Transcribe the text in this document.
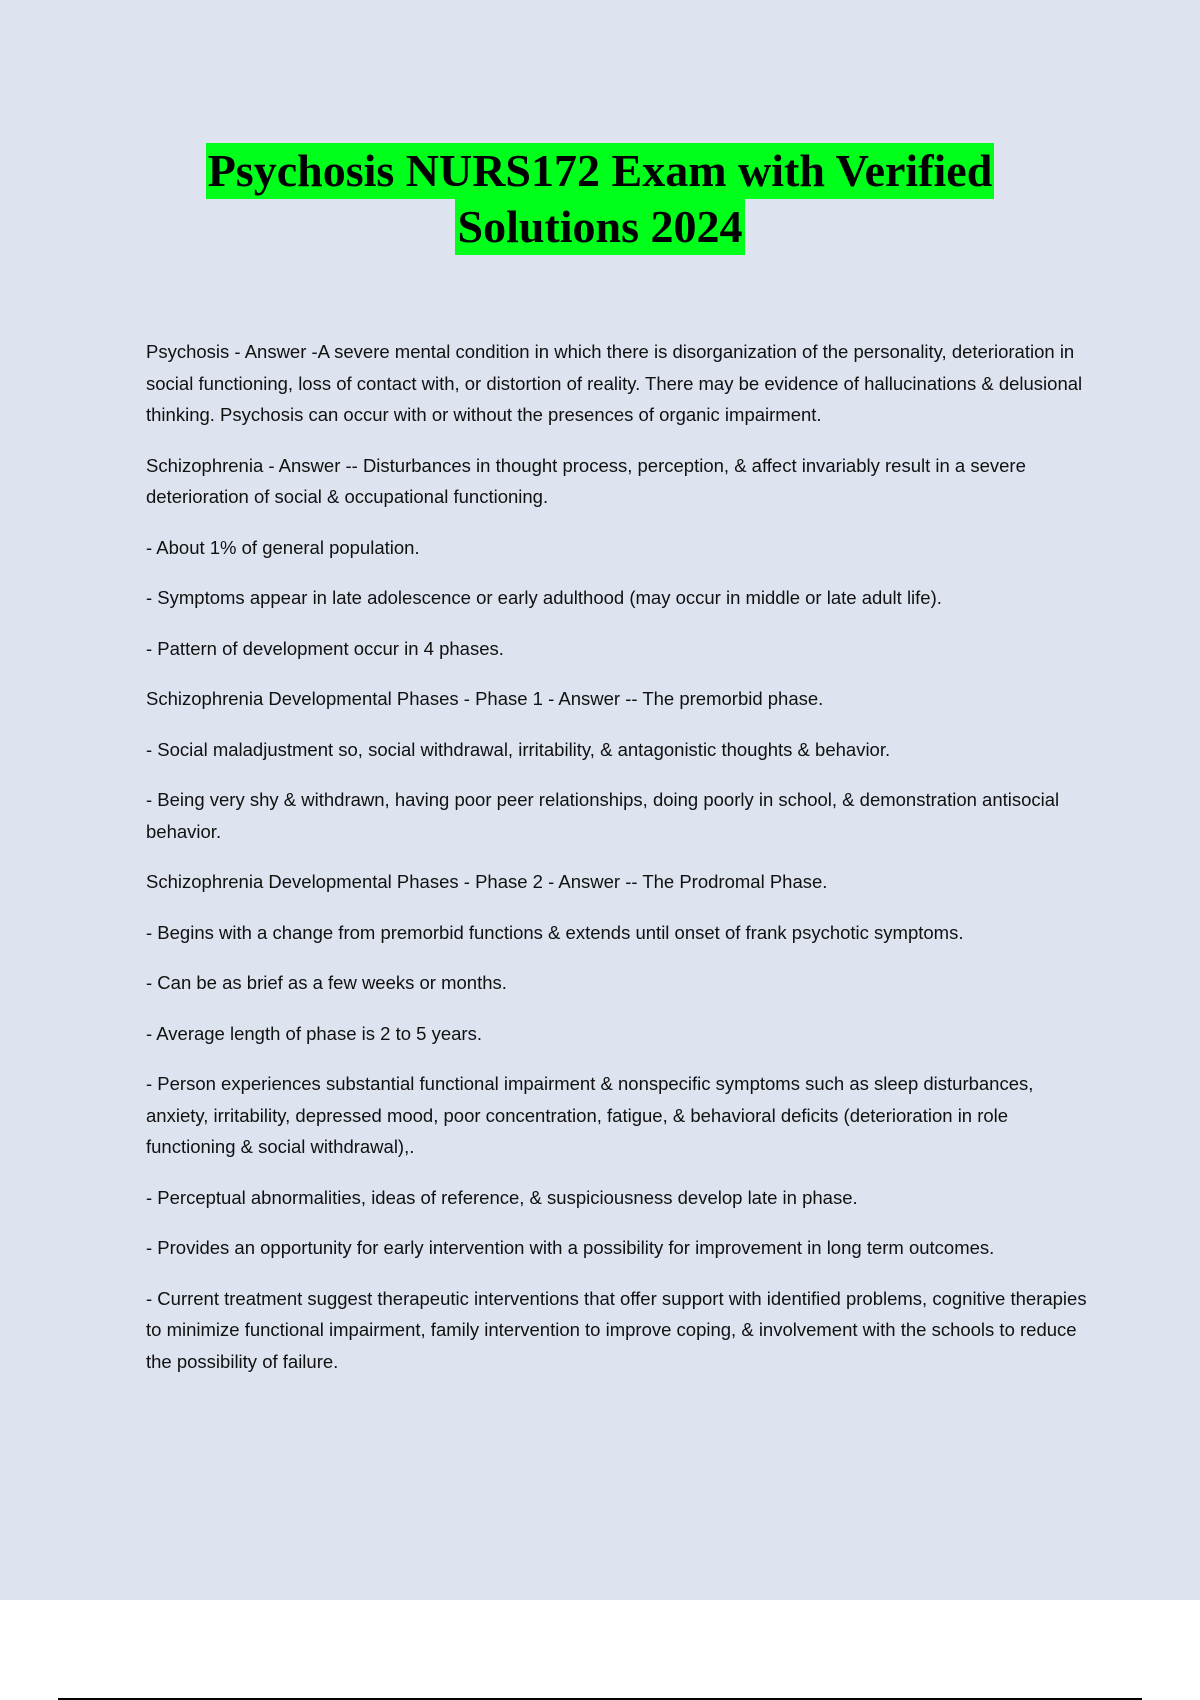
Psychosis NURS172 Exam with Verified
Solutions 2024

Psychosis - Answer -A severe mental condition in which there is disorganization of the personality, deterioration in social functioning, loss of contact with, or distortion of reality. There may be evidence of hallucinations & delusional thinking. Psychosis can occur with or without the presences of organic impairment.

Schizophrenia - Answer -- Disturbances in thought process, perception, & affect invariably result in a severe deterioration of social & occupational functioning.

- About 1% of general population.

- Symptoms appear in late adolescence or early adulthood (may occur in middle or late adult life).

- Pattern of development occur in 4 phases.

Schizophrenia Developmental Phases - Phase 1 - Answer -- The premorbid phase.

- Social maladjustment so, social withdrawal, irritability, & antagonistic thoughts & behavior.

- Being very shy & withdrawn, having poor peer relationships, doing poorly in school, & demonstration antisocial behavior.

Schizophrenia Developmental Phases - Phase 2 - Answer -- The Prodromal Phase.

- Begins with a change from premorbid functions & extends until onset of frank psychotic symptoms.

- Can be as brief as a few weeks or months.

- Average length of phase is 2 to 5 years.

- Person experiences substantial functional impairment & nonspecific symptoms such as sleep disturbances, anxiety, irritability, depressed mood, poor concentration, fatigue, & behavioral deficits (deterioration in role functioning & social withdrawal),.

- Perceptual abnormalities, ideas of reference, & suspiciousness develop late in phase.

- Provides an opportunity for early intervention with a possibility for improvement in long term outcomes.

- Current treatment suggest therapeutic interventions that offer support with identified problems, cognitive therapies to minimize functional impairment, family intervention to improve coping, & involvement with the schools to reduce the possibility of failure.
